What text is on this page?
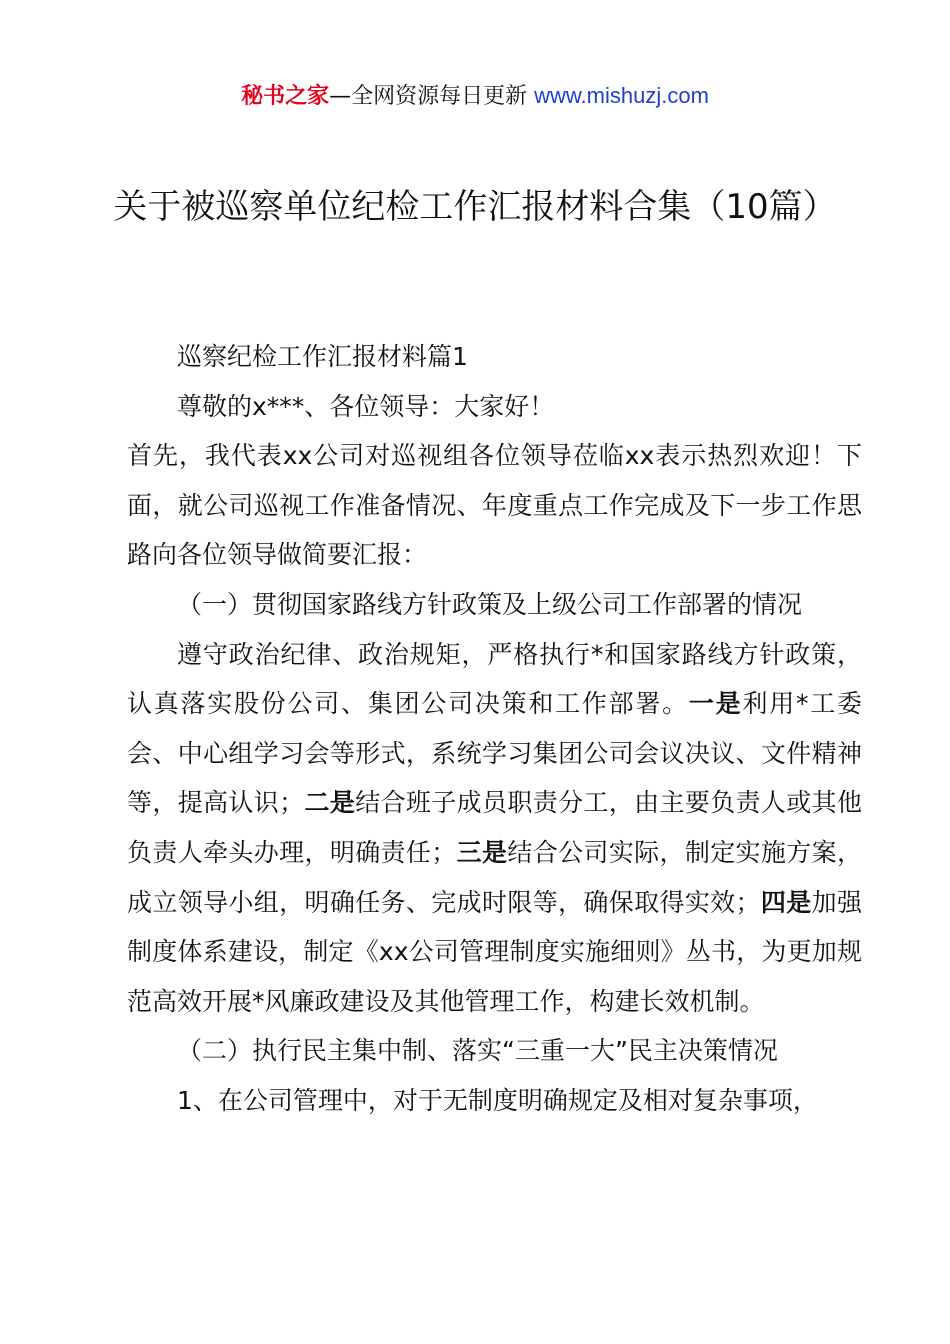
秘书之家—全网资源每日更新 www.mishuzj.com
关于被巡察单位纪检工作汇报材料合集（10篇）

巡察纪检工作汇报材料篇1

尊敬的x***、各位领导：大家好！

首先，我代表xx公司对巡视组各位领导莅临xx表示热烈欢迎！下面，就公司巡视工作准备情况、年度重点工作完成及下一步工作思路向各位领导做简要汇报：

（一）贯彻国家路线方针政策及上级公司工作部署的情况

遵守政治纪律、政治规矩，严格执行*和国家路线方针政策，认真落实股份公司、集团公司决策和工作部署。一是利用*工委会、中心组学习会等形式，系统学习集团公司会议决议、文件精神等，提高认识；二是结合班子成员职责分工，由主要负责人或其他负责人牵头办理，明确责任；三是结合公司实际，制定实施方案，成立领导小组，明确任务、完成时限等，确保取得实效；四是加强制度体系建设，制定《xx公司管理制度实施细则》丛书，为更加规范高效开展*风廉政建设及其他管理工作，构建长效机制。

（二）执行民主集中制、落实“三重一大”民主决策情况

1、在公司管理中，对于无制度明确规定及相对复杂事项，
